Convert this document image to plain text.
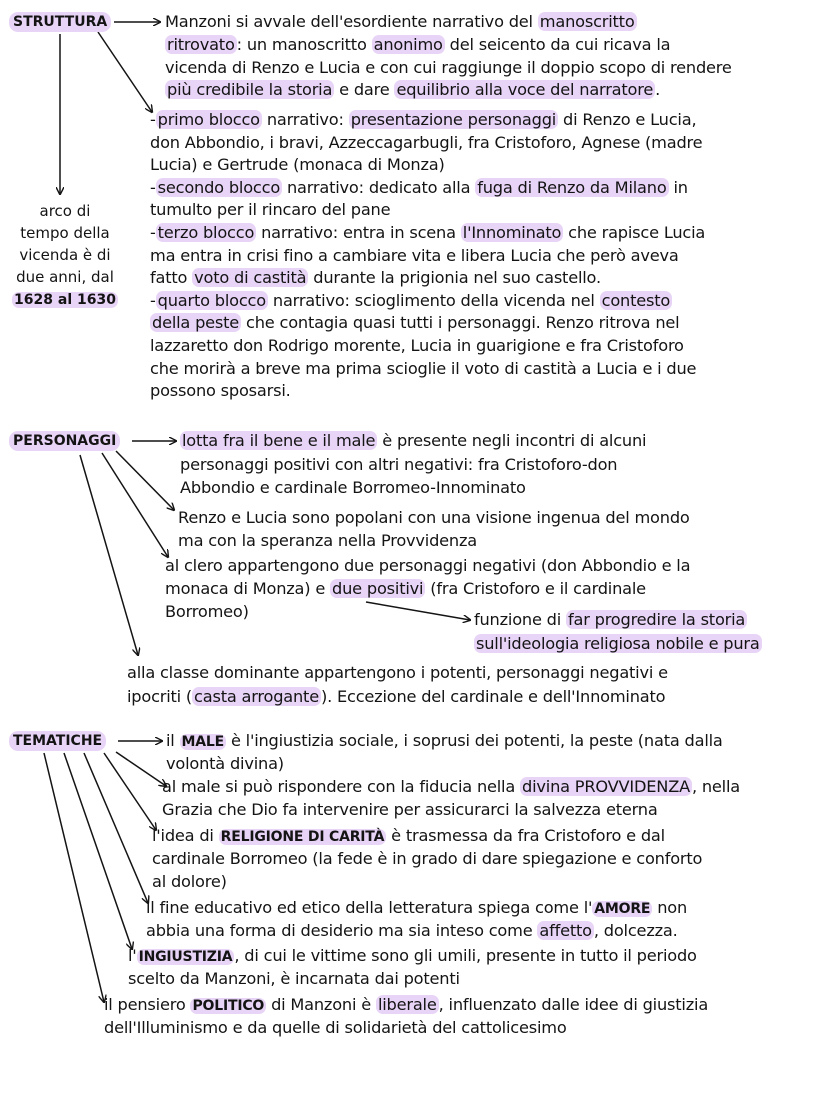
STRUTTURA
arco di
tempo della
vicenda è di
due anni, dal
1628 al 1630
PERSONAGGI
TEMATICHE
Manzoni si avvale dell'esordiente narrativo del manoscritto
ritrovato : un manoscritto anonimo del seicento da cui ricava la
vicenda di Renzo e Lucia e con cui raggiunge il doppio scopo di rendere
più credibile la storia e dare equilibrio alla voce del narratore .
- primo blocco narrativo: presentazione personaggi di Renzo e Lucia,
don Abbondio, i bravi, Azzeccagarbugli, fra Cristoforo, Agnese (madre
Lucia) e Gertrude (monaca di Monza)
- secondo blocco narrativo: dedicato alla fuga di Renzo da Milano in
tumulto per il rincaro del pane
- terzo blocco narrativo: entra in scena l'Innominato che rapisce Lucia
ma entra in crisi fino a cambiare vita e libera Lucia che però aveva
fatto voto di castità durante la prigionia nel suo castello.
- quarto blocco narrativo: scioglimento della vicenda nel contesto
della peste che contagia quasi tutti i personaggi. Renzo ritrova nel
lazzaretto don Rodrigo morente, Lucia in guarigione e fra Cristoforo
che morirà a breve ma prima scioglie il voto di castità a Lucia e i due
possono sposarsi.
lotta fra il bene e il male è presente negli incontri di alcuni
personaggi positivi con altri negativi: fra Cristoforo-don
Abbondio e cardinale Borromeo-Innominato
Renzo e Lucia sono popolani con una visione ingenua del mondo
ma con la speranza nella Provvidenza
al clero appartengono due personaggi negativi (don Abbondio e la
monaca di Monza) e due positivi (fra Cristoforo e il cardinale
Borromeo)	funzione di far progredire la storia
sull'ideologia religiosa nobile e pura
alla classe dominante appartengono i potenti, personaggi negativi e
ipocriti ( casta arrogante ). Eccezione del cardinale e dell'Innominato
il MALE è l'ingiustizia sociale, i soprusi dei potenti, la peste (nata dalla
volontà divina)
al male si può rispondere con la fiducia nella divina PROVVIDENZA , nella
Grazia che Dio fa intervenire per assicurarci la salvezza eterna
l'idea di RELIGIONE DI CARITÀ è trasmessa da fra Cristoforo e dal
cardinale Borromeo (la fede è in grado di dare spiegazione e conforto
al dolore)
il fine educativo ed etico della letteratura spiega come l' AMORE non
abbia una forma di desiderio ma sia inteso come affetto , dolcezza.
l' INGIUSTIZIA , di cui le vittime sono gli umili, presente in tutto il periodo
scelto da Manzoni, è incarnata dai potenti
il pensiero POLITICO di Manzoni è liberale , influenzato dalle idee di giustizia
dell'Illuminismo e da quelle di solidarietà del cattolicesimo
